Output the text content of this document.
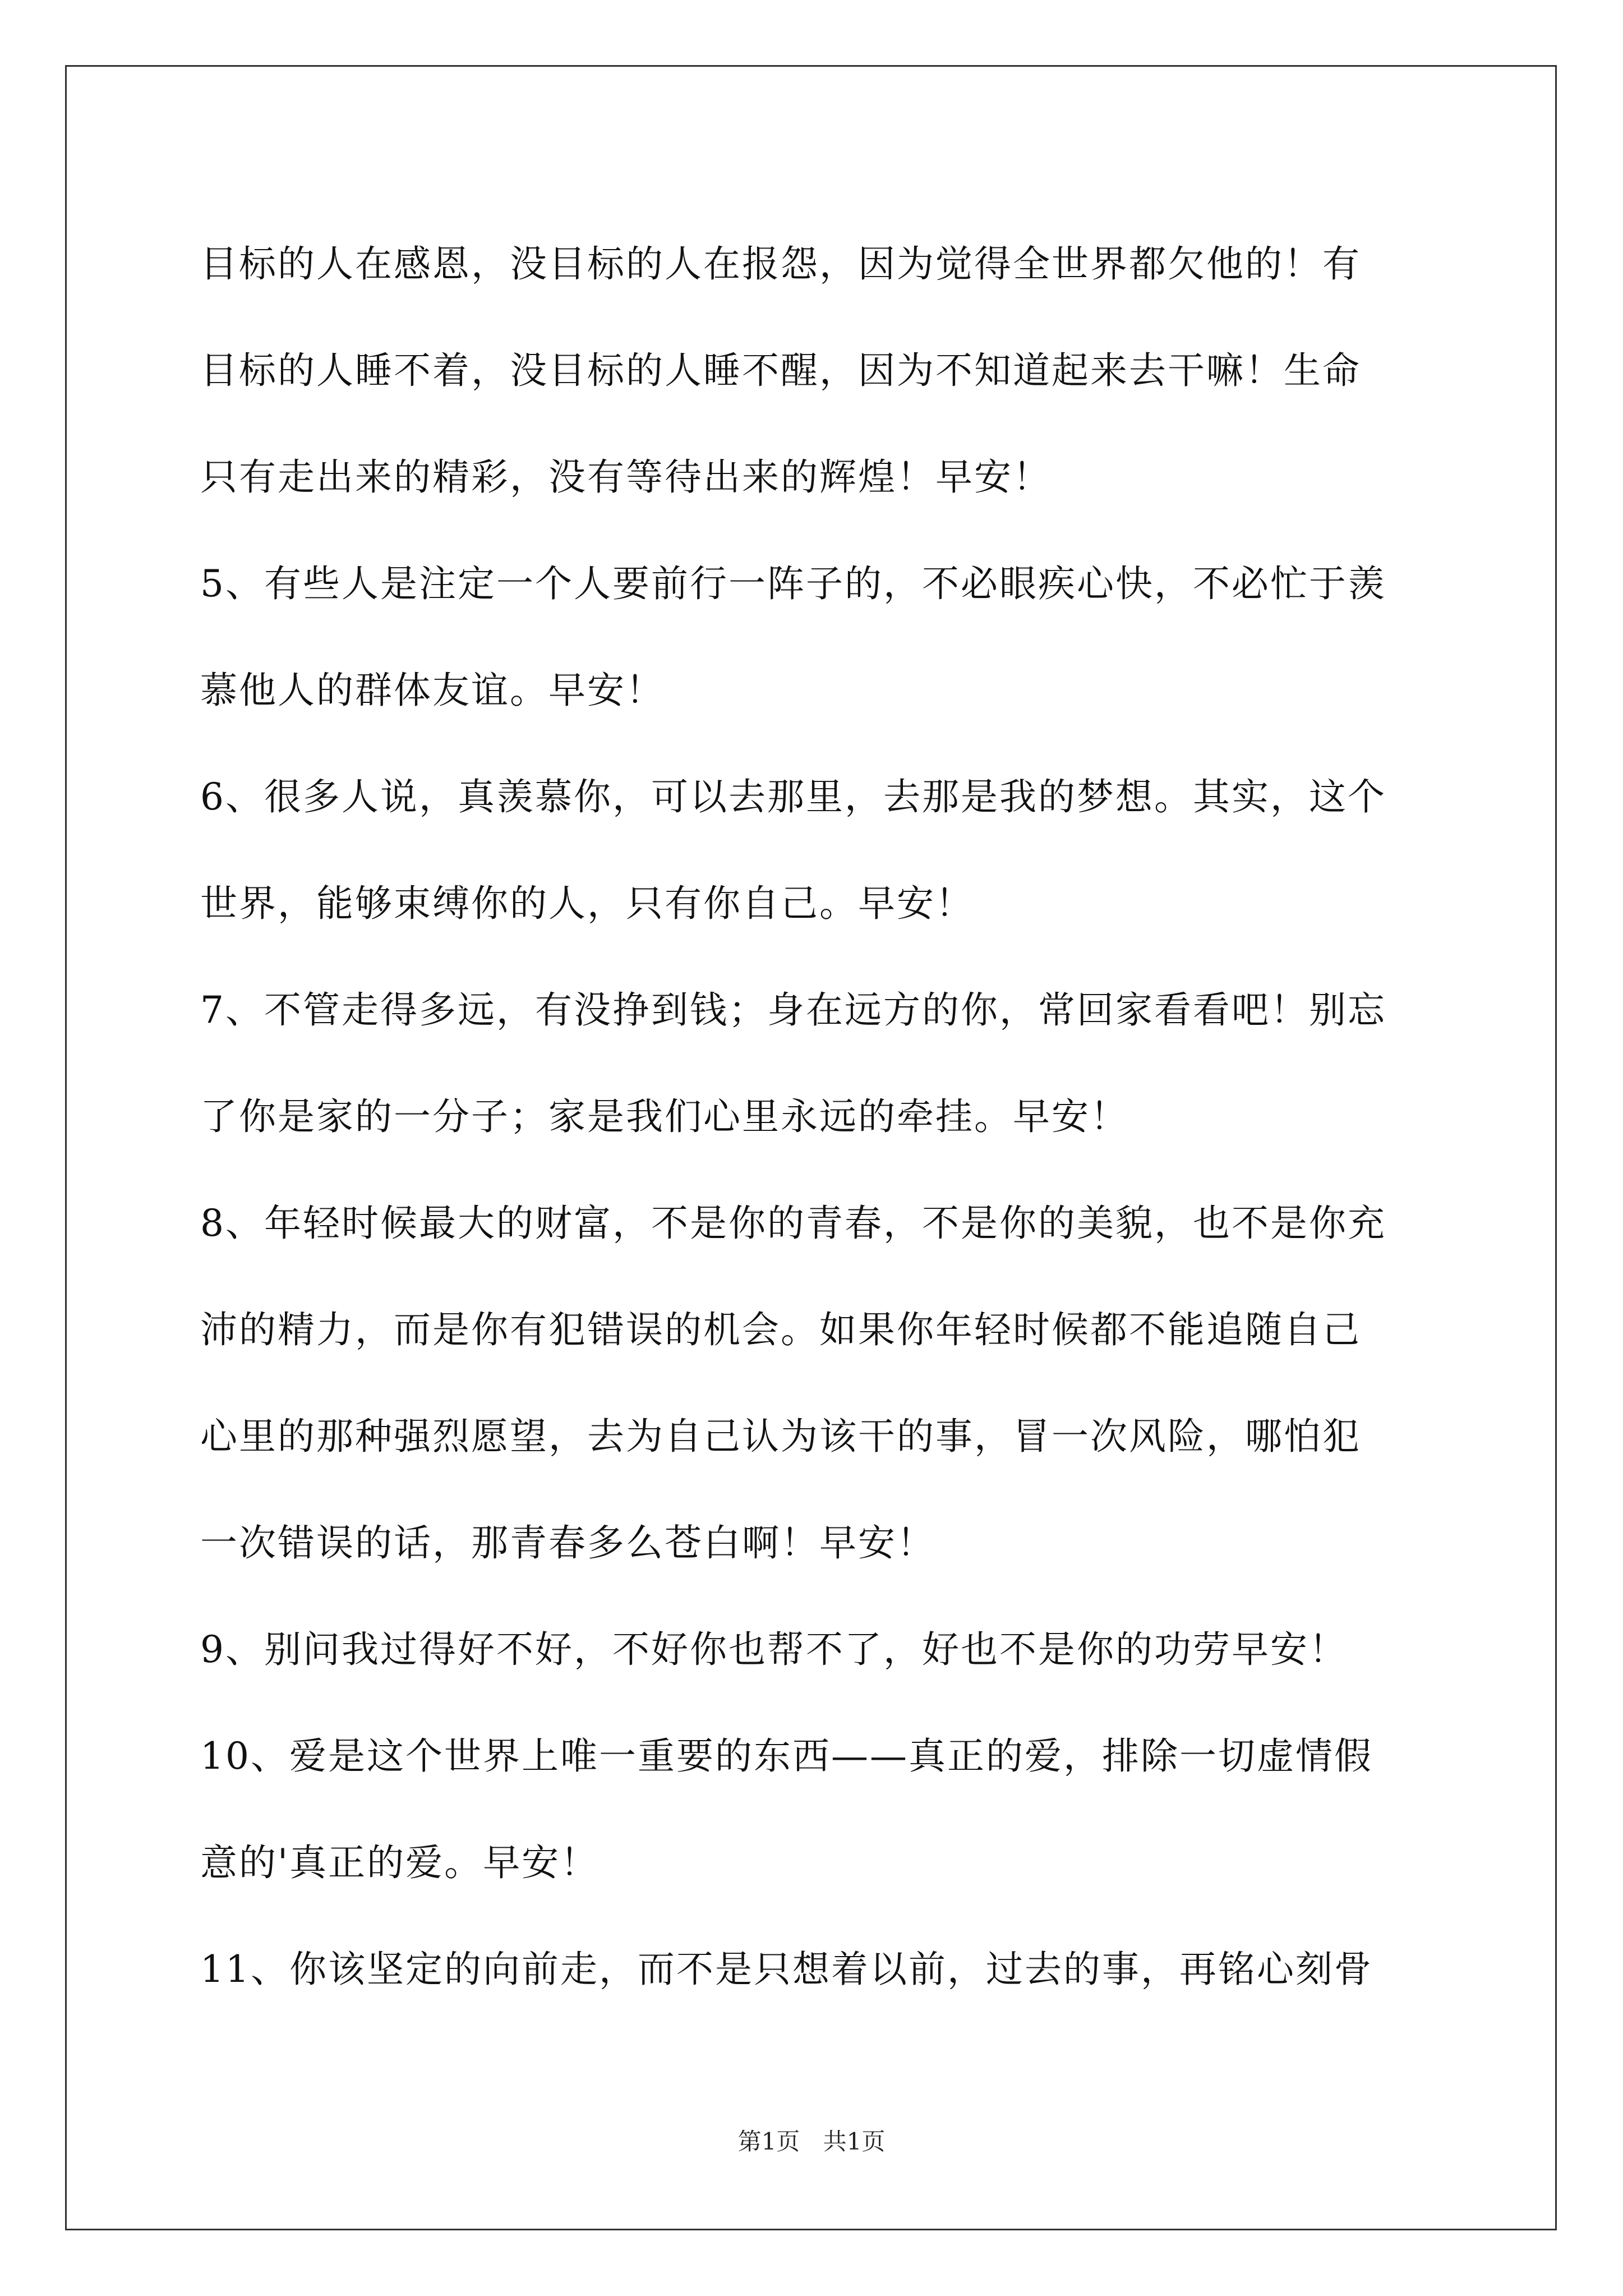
目标的人在感恩，没目标的人在报怨，因为觉得全世界都欠他的！有
目标的人睡不着，没目标的人睡不醒，因为不知道起来去干嘛！生命
只有走出来的精彩，没有等待出来的辉煌！早安！
5、有些人是注定一个人要前行一阵子的，不必眼疾心快，不必忙于羡
慕他人的群体友谊。早安！
6、很多人说，真羡慕你，可以去那里，去那是我的梦想。其实，这个
世界，能够束缚你的人，只有你自己。早安！
7、不管走得多远，有没挣到钱；身在远方的你，常回家看看吧！别忘
了你是家的一分子；家是我们心里永远的牵挂。早安！
8、年轻时候最大的财富，不是你的青春，不是你的美貌，也不是你充
沛的精力，而是你有犯错误的机会。如果你年轻时候都不能追随自己
心里的那种强烈愿望，去为自己认为该干的事，冒一次风险，哪怕犯
一次错误的话，那青春多么苍白啊！早安！
9、别问我过得好不好，不好你也帮不了，好也不是你的功劳早安！
10、爱是这个世界上唯一重要的东西——真正的爱，排除一切虚情假
意的'真正的爱。早安！
11、你该坚定的向前走，而不是只想着以前，过去的事，再铭心刻骨
第1页 共1页
